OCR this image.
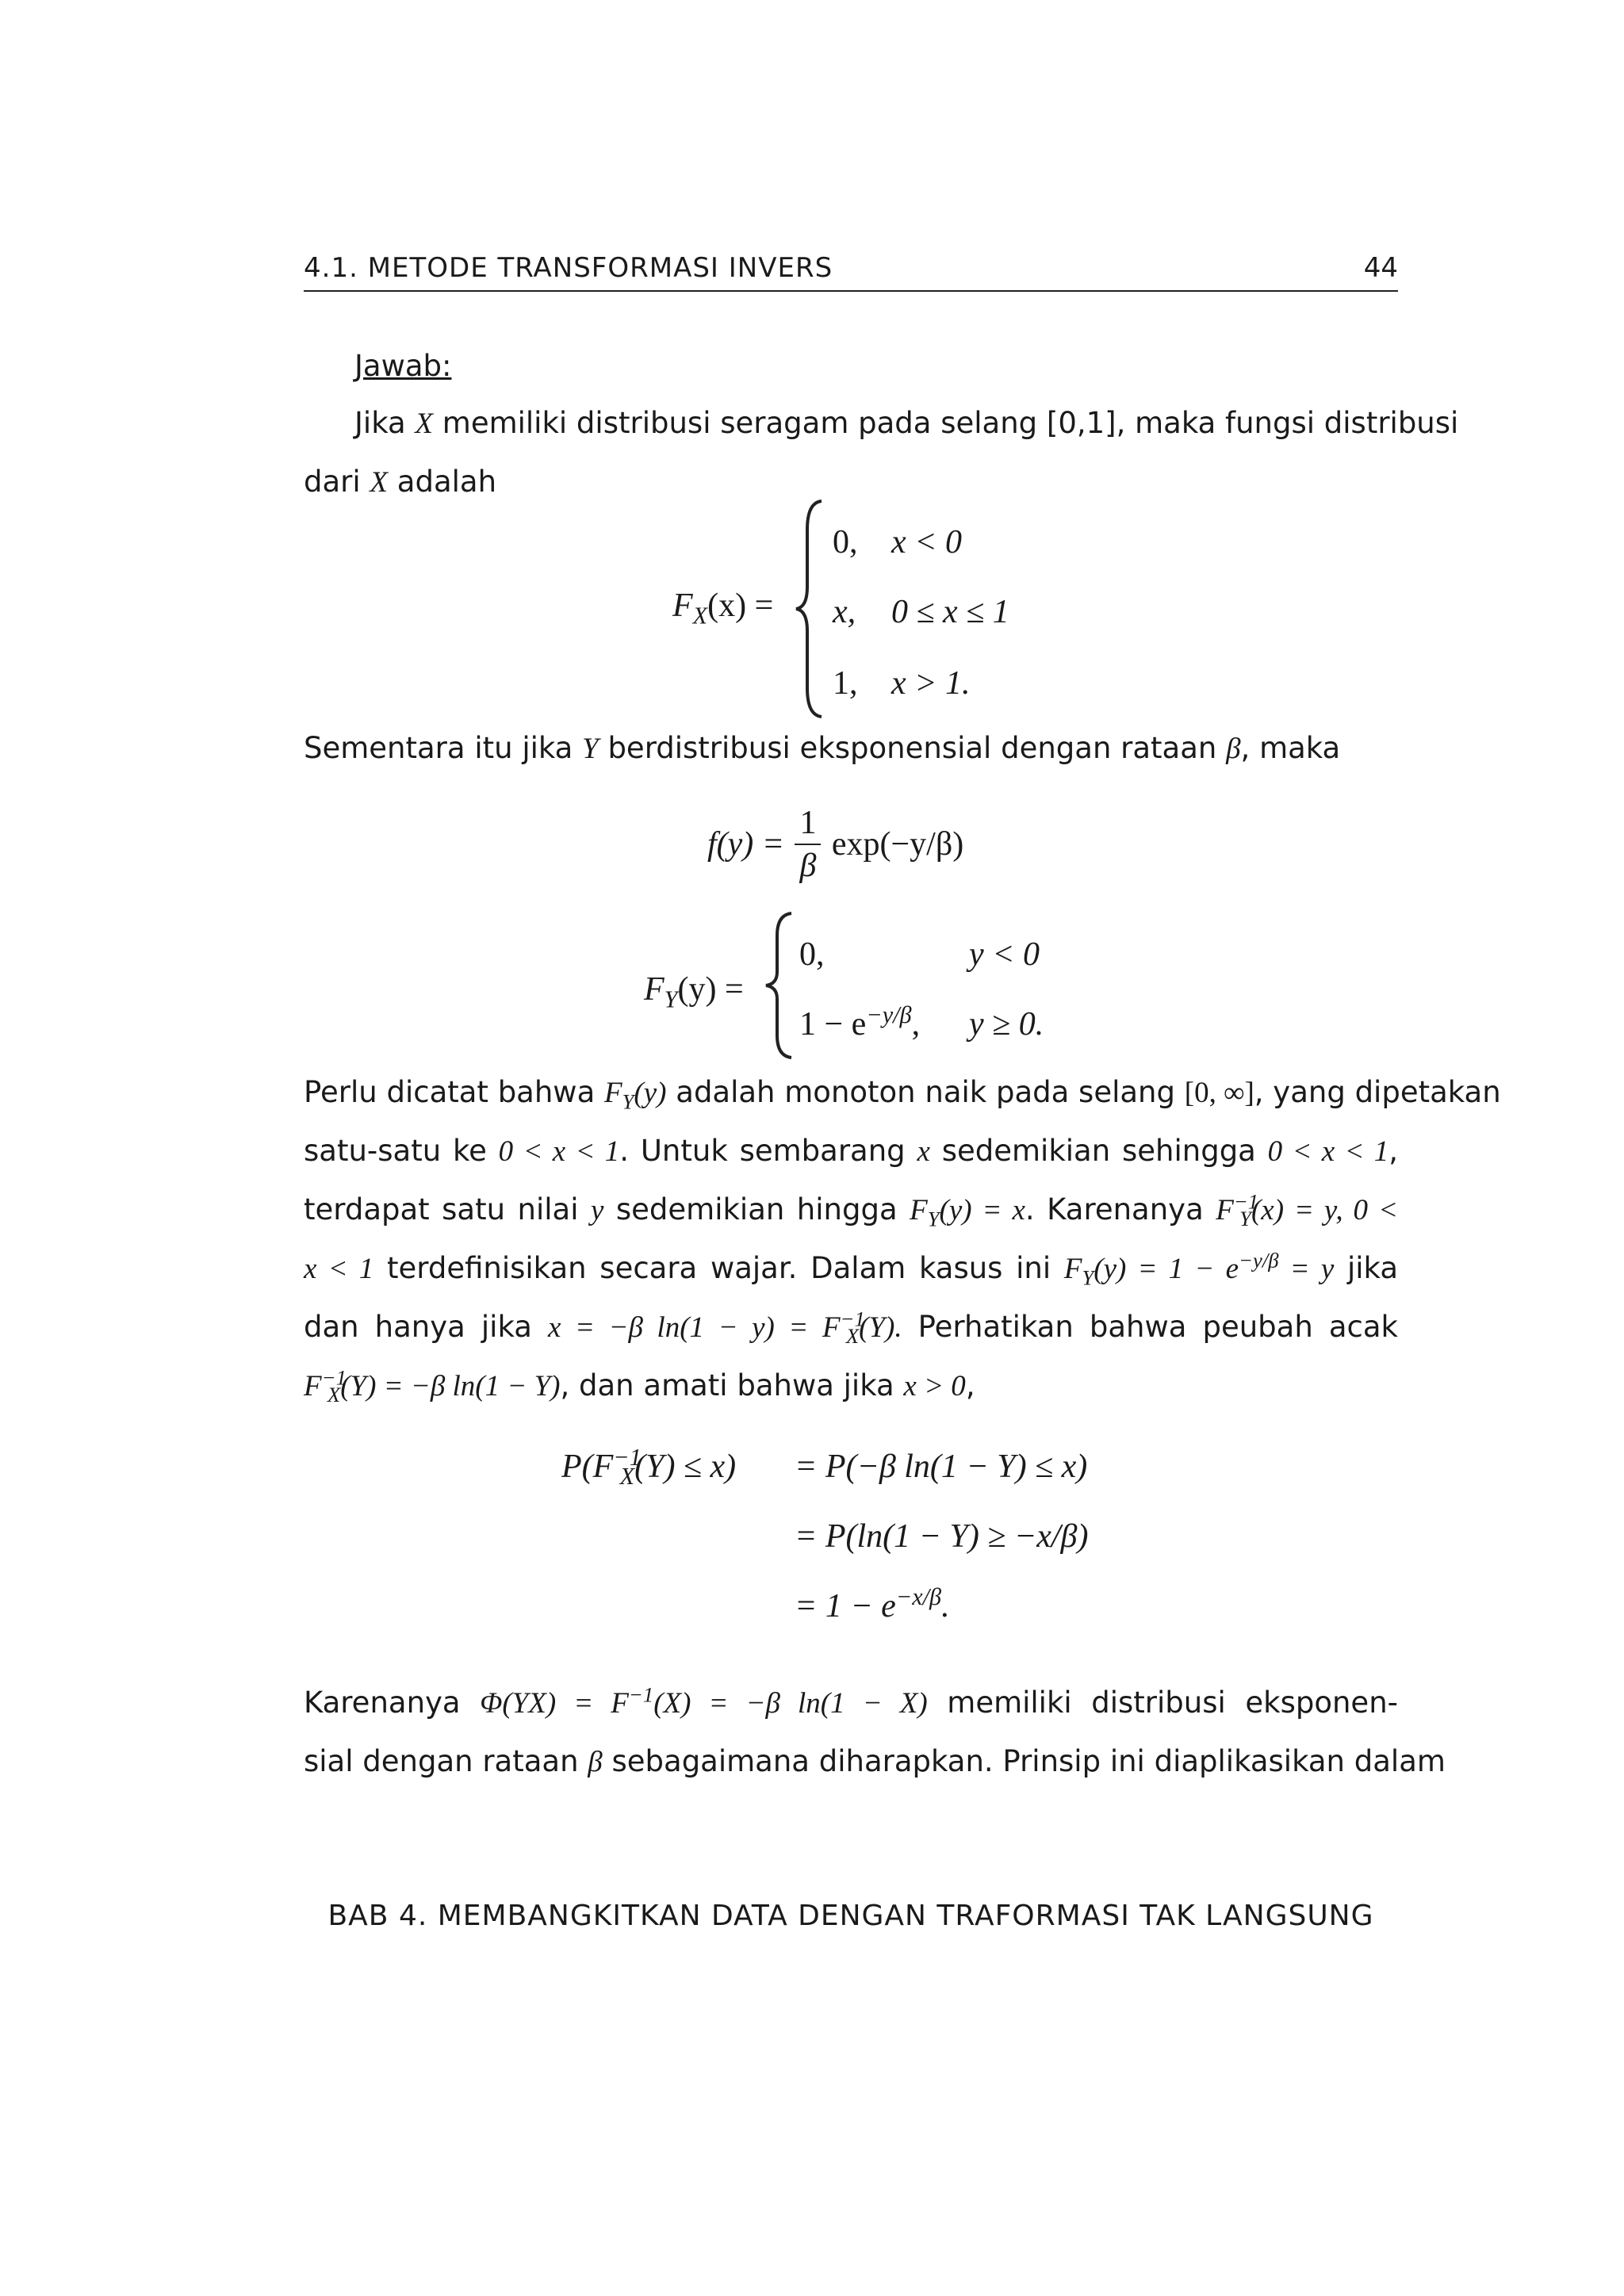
4.1. METODE TRANSFORMASI INVERS	44
Jawab:
Jika X memiliki distribusi seragam pada selang [0,1], maka fungsi distribusi
dari X adalah
$F_X(x)$ =
0, x < 0
x, 0 ≤ x ≤ 1
1, x > 1.
Sementara itu jika Y berdistribusi eksponensial dengan rataan β, maka
$f(y) = \frac{1}{\beta} \exp(-y/\beta)$
$F_Y(y)$ =
0,	y < 0
$1 - e^{-y/\beta}$, y ≥ 0.
Perlu dicatat bahwa $F_Y(y)$ adalah monoton naik pada selang [0, ∞], yang dipetakan
satu-satu ke 0 < x < 1. Untuk sembarang x sedemikian sehingga 0 < x < 1,
terdapat satu nilai y sedemikian hingga $F_Y(y) = x$. Karenanya $F^{-1}_Y(x) = y$, 0 <
x < 1 terdefinisikan secara wajar. Dalam kasus ini $F_Y(y) = 1 - e^{-y/\beta} = y$ jika
dan hanya jika x = −β $\ln(1 - y) = F^{-1}_X(Y)$. Perhatikan bahwa peubah acak
$F^{-1}_X(Y) = -\beta$ ln(1 − Y), dan amati bahwa jika x > 0,
$P(F^{-1}_X(Y) \le x) = P(-\beta$ ln(1 − Y) ≤ x)
= P(ln(1 − Y) ≥ −x/β)
= $1 - e^{-x/\beta}$.
Karenanya $\Phi(YX) = F^{-1}(X) = -\beta$ ln(1 − X) memiliki distribusi eksponen-
sial dengan rataan β sebagaimana diharapkan. Prinsip ini diaplikasikan dalam
BAB 4. MEMBANGKITKAN DATA DENGAN TRAFORMASI TAK LANGSUNG
